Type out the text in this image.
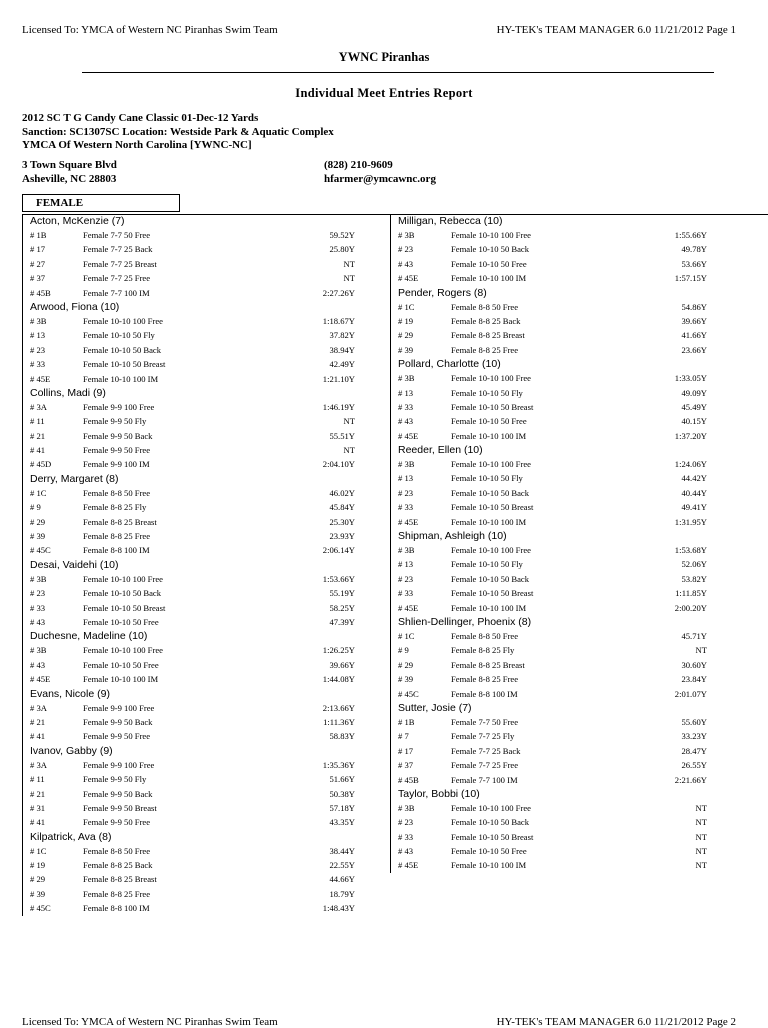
Licensed To: YMCA of Western NC Piranhas Swim Team	HY-TEK's TEAM MANAGER 6.0 11/21/2012 Page 1
YWNC Piranhas
Individual Meet Entries Report
2012 SC T G Candy Cane Classic 01-Dec-12 Yards
Sanction: SC1307SC Location: Westside Park & Aquatic Complex
YMCA Of Western North Carolina [YWNC-NC]
3 Town Square Blvd
Asheville, NC 28803
(828) 210-9609
hfarmer@ymcawnc.org
FEMALE
Acton, McKenzie (7)
# 1B	Female 7-7 50 Free	59.52Y
# 17	Female 7-7 25 Back	25.80Y
# 27	Female 7-7 25 Breast	NT
# 37	Female 7-7 25 Free	NT
# 45B	Female 7-7 100 IM	2:27.26Y
Arwood, Fiona (10)
# 3B	Female 10-10 100 Free	1:18.67Y
# 13	Female 10-10 50 Fly	37.82Y
# 23	Female 10-10 50 Back	38.94Y
# 33	Female 10-10 50 Breast	42.49Y
# 45E	Female 10-10 100 IM	1:21.10Y
Collins, Madi (9)
# 3A	Female 9-9 100 Free	1:46.19Y
# 11	Female 9-9 50 Fly	NT
# 21	Female 9-9 50 Back	55.51Y
# 41	Female 9-9 50 Free	NT
# 45D	Female 9-9 100 IM	2:04.10Y
Derry, Margaret (8)
# 1C	Female 8-8 50 Free	46.02Y
# 9	Female 8-8 25 Fly	45.84Y
# 29	Female 8-8 25 Breast	25.30Y
# 39	Female 8-8 25 Free	23.93Y
# 45C	Female 8-8 100 IM	2:06.14Y
Desai, Vaidehi (10)
# 3B	Female 10-10 100 Free	1:53.66Y
# 23	Female 10-10 50 Back	55.19Y
# 33	Female 10-10 50 Breast	58.25Y
# 43	Female 10-10 50 Free	47.39Y
Duchesne, Madeline (10)
# 3B	Female 10-10 100 Free	1:26.25Y
# 43	Female 10-10 50 Free	39.66Y
# 45E	Female 10-10 100 IM	1:44.08Y
Evans, Nicole (9)
# 3A	Female 9-9 100 Free	2:13.66Y
# 21	Female 9-9 50 Back	1:11.36Y
# 41	Female 9-9 50 Free	58.83Y
Ivanov, Gabby (9)
# 3A	Female 9-9 100 Free	1:35.36Y
# 11	Female 9-9 50 Fly	51.66Y
# 21	Female 9-9 50 Back	50.38Y
# 31	Female 9-9 50 Breast	57.18Y
# 41	Female 9-9 50 Free	43.35Y
Kilpatrick, Ava (8)
# 1C	Female 8-8 50 Free	38.44Y
# 19	Female 8-8 25 Back	22.55Y
# 29	Female 8-8 25 Breast	44.66Y
# 39	Female 8-8 25 Free	18.79Y
# 45C	Female 8-8 100 IM	1:48.43Y
Milligan, Rebecca (10)
# 3B	Female 10-10 100 Free	1:55.66Y
# 23	Female 10-10 50 Back	49.78Y
# 43	Female 10-10 50 Free	53.66Y
# 45E	Female 10-10 100 IM	1:57.15Y
Pender, Rogers (8)
# 1C	Female 8-8 50 Free	54.86Y
# 19	Female 8-8 25 Back	39.66Y
# 29	Female 8-8 25 Breast	41.66Y
# 39	Female 8-8 25 Free	23.66Y
Pollard, Charlotte (10)
# 3B	Female 10-10 100 Free	1:33.05Y
# 13	Female 10-10 50 Fly	49.09Y
# 33	Female 10-10 50 Breast	45.49Y
# 43	Female 10-10 50 Free	40.15Y
# 45E	Female 10-10 100 IM	1:37.20Y
Reeder, Ellen (10)
# 3B	Female 10-10 100 Free	1:24.06Y
# 13	Female 10-10 50 Fly	44.42Y
# 23	Female 10-10 50 Back	40.44Y
# 33	Female 10-10 50 Breast	49.41Y
# 45E	Female 10-10 100 IM	1:31.95Y
Shipman, Ashleigh (10)
# 3B	Female 10-10 100 Free	1:53.68Y
# 13	Female 10-10 50 Fly	52.06Y
# 23	Female 10-10 50 Back	53.82Y
# 33	Female 10-10 50 Breast	1:11.85Y
# 45E	Female 10-10 100 IM	2:00.20Y
Shlien-Dellinger, Phoenix (8)
# 1C	Female 8-8 50 Free	45.71Y
# 9	Female 8-8 25 Fly	NT
# 29	Female 8-8 25 Breast	30.60Y
# 39	Female 8-8 25 Free	23.84Y
# 45C	Female 8-8 100 IM	2:01.07Y
Sutter, Josie (7)
# 1B	Female 7-7 50 Free	55.60Y
# 7	Female 7-7 25 Fly	33.23Y
# 17	Female 7-7 25 Back	28.47Y
# 37	Female 7-7 25 Free	26.55Y
# 45B	Female 7-7 100 IM	2:21.66Y
Taylor, Bobbi (10)
# 3B	Female 10-10 100 Free	NT
# 23	Female 10-10 50 Back	NT
# 33	Female 10-10 50 Breast	NT
# 43	Female 10-10 50 Free	NT
# 45E	Female 10-10 100 IM	NT
Licensed To: YMCA of Western NC Piranhas Swim Team	HY-TEK's TEAM MANAGER 6.0 11/21/2012 Page 2
